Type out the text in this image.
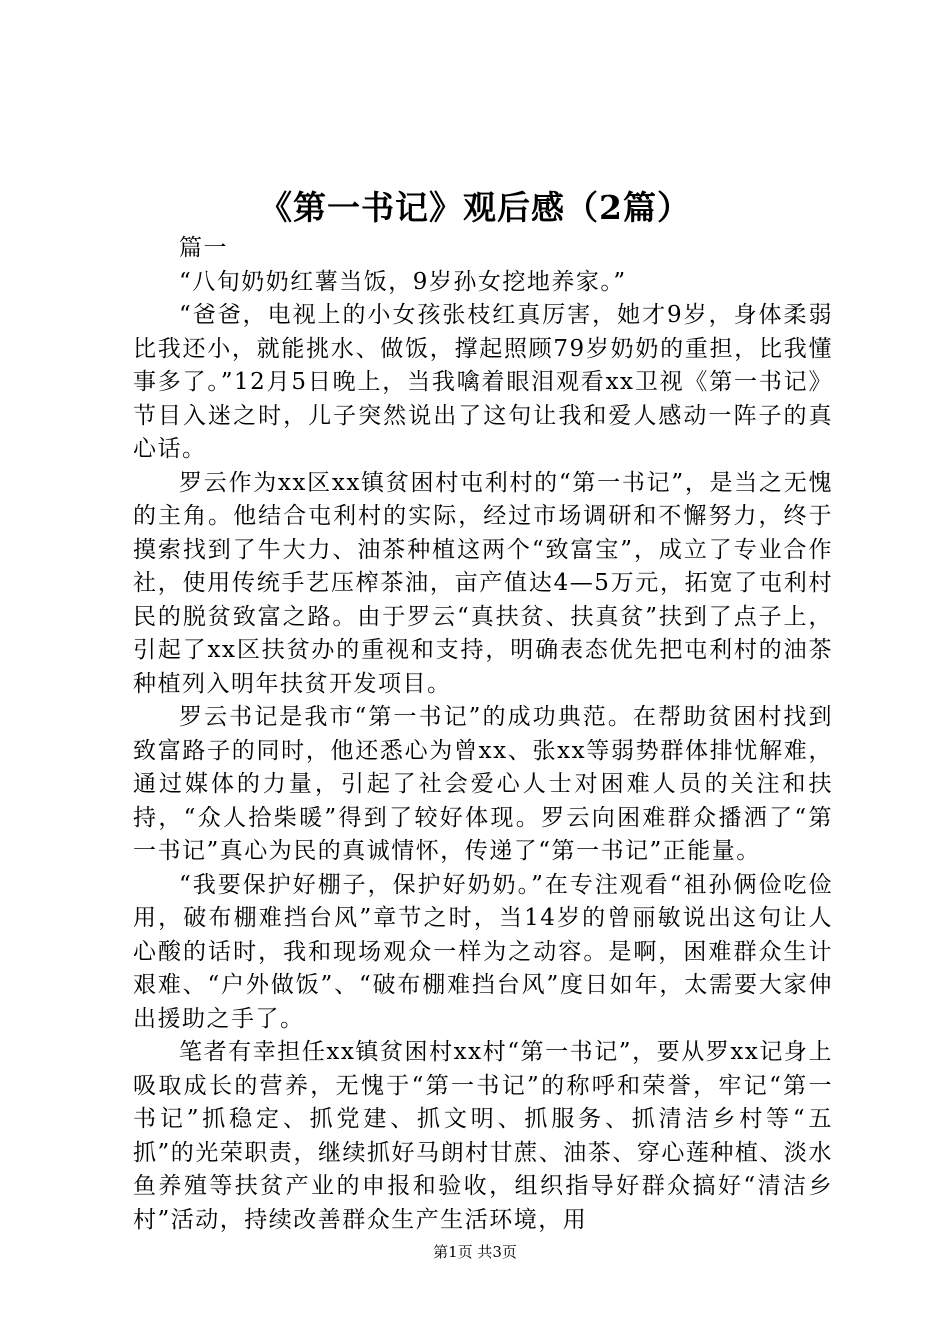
《第一书记》观后感（2篇）

篇一

“八旬奶奶红薯当饭，9岁孙女挖地养家。”

“爸爸，电视上的小女孩张枝红真厉害，她才9岁，身体柔弱比我还小，就能挑水、做饭，撑起照顾79岁奶奶的重担，比我懂事多了。”12月5日晚上，当我噙着眼泪观看xx卫视《第一书记》节目入迷之时，儿子突然说出了这句让我和爱人感动一阵子的真心话。

罗云作为xx区xx镇贫困村屯利村的“第一书记”，是当之无愧的主角。他结合屯利村的实际，经过市场调研和不懈努力，终于摸索找到了牛大力、油茶种植这两个“致富宝”，成立了专业合作社，使用传统手艺压榨茶油，亩产值达4—5万元，拓宽了屯利村民的脱贫致富之路。由于罗云“真扶贫、扶真贫”扶到了点子上，引起了xx区扶贫办的重视和支持，明确表态优先把屯利村的油茶种植列入明年扶贫开发项目。

罗云书记是我市“第一书记”的成功典范。在帮助贫困村找到致富路子的同时，他还悉心为曾xx、张xx等弱势群体排忧解难，通过媒体的力量，引起了社会爱心人士对困难人员的关注和扶持，“众人拾柴暖”得到了较好体现。罗云向困难群众播洒了“第一书记”真心为民的真诚情怀，传递了“第一书记”正能量。

“我要保护好棚子，保护好奶奶。”在专注观看“祖孙俩俭吃俭用，破布棚难挡台风”章节之时，当14岁的曾丽敏说出这句让人心酸的话时，我和现场观众一样为之动容。是啊，困难群众生计艰难、“户外做饭”、“破布棚难挡台风”度日如年，太需要大家伸出援助之手了。

笔者有幸担任xx镇贫困村xx村“第一书记”，要从罗xx记身上吸取成长的营养，无愧于“第一书记”的称呼和荣誉，牢记“第一书记”抓稳定、抓党建、抓文明、抓服务、抓清洁乡村等“五抓”的光荣职责，继续抓好马朗村甘蔗、油茶、穿心莲种植、淡水鱼养殖等扶贫产业的申报和验收，组织指导好群众搞好“清洁乡村”活动，持续改善群众生产生活环境，用

第1页 共3页
